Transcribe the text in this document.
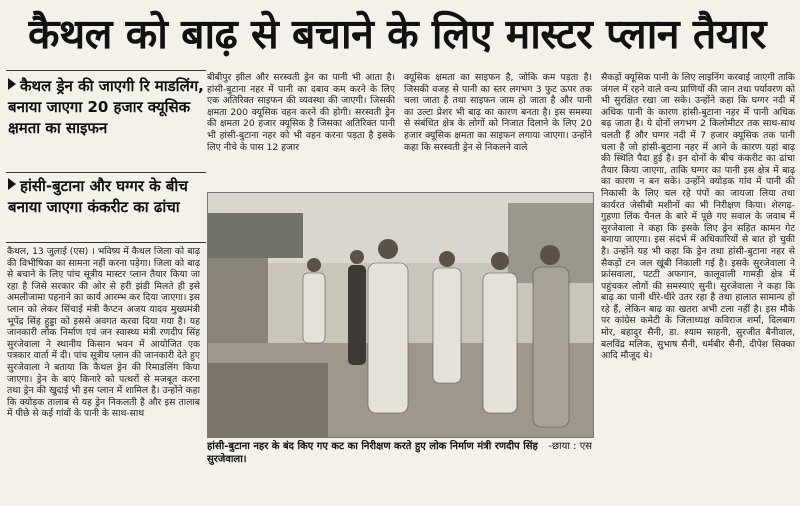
कैथल को बाढ़ से बचाने के लिए मास्टर प्लान तैयार
कैथल ड्रेन की जाएगी रि माडलिंग, बनाया जाएगा 20 हजार क्यूसिक क्षमता का साइफन
हांसी-बुटाना और घग्गर के बीच बनाया जाएगा कंकरीट का ढांचा
कैथल, 13 जुलाई (एस) । भविष्य में कैथल जिला को बाढ़ की विभीषिका का सामना नहीं करना पड़ेगा। जिला को बाढ़ से बचाने के लिए पांच सूत्रीय मास्टर प्लान तैयार किया जा रहा है जिसे सरकार की ओर से हरी झंडी मिलते ही इसे अमलीजामा पहनाने का कार्य आरम्भ कर दिया जाएगा। इस प्लान को लेकर सिंचाई मंत्री कैप्टन अजय यादव मुख्यमंत्री भूपेंद्र सिंह हुड्डा को इससे अवगत करवा दिया गया है। यह जानकारी लोक निर्माण एवं जन स्वास्थ्य मंत्री रणदीप सिंह सुरजेवाला ने स्थानीय किसान भवन में आयोजित एक पत्रकार वार्ता में दी। पांच सूत्रीय प्लान की जानकारी देते हुए सुरजेवाला ने बताया कि कैथल ड्रेन की रिमाडलिंग किया जाएगा। ड्रेन के बाएं किनारे को पत्थरों से मजबूत करना तथा ड्रेन की खुदाई भी इस प्लान में शामिल है। उन्होंने कहा कि क्योड़क तालाब से यह ड्रेन निकलती है और इस तालाब में पीछे से कई गांवों के पानी के साथ-साथ
बीबीपुर झील और सरस्वती ड्रेन का पानी भी आता है। हांसी-बुटाना नहर में पानी का दबाव कम करने के लिए एक अतिरिक्त साइफन की व्यवस्था की जाएगी। जिसकी क्षमता 200 क्यूसिक वहन करने की होगी। सरस्वती ड्रेन की क्षमता 20 हजार क्यूसिक है जिसका अतिरिक्त पानी भी हांसी-बुटाना नहर को भी वहन करना पड़ता है इसके लिए नीचे के पास 12 हजार
क्यूसिक क्षमता का साइफन है, जोकि कम पड़ता है। जिसकी वजह से पानी का स्तर लगभग 3 फुट ऊपर तक चला जाता है तथा साइफन जाम हो जाता है और पानी का उल्टा प्रेशर भी बाढ़ का कारण बनता है। इस समस्या से संबंधित क्षेत्र के लोगों को निजात दिलाने के लिए 20 हजार क्यूसिक क्षमता का साइफन लगाया जाएगा। उन्होंने कहा कि सरस्वती ड्रेन से निकलने वाले
सैकड़ों क्यूसिक पानी के लिए लाइनिंग करवाई जाएगी ताकि जंगल में रहने वाले वन्य प्राणियों की जान तथा पर्यावरण को भी सुरक्षित रखा जा सके। उन्होंने कहा कि घग्गर नदी में अधिक पानी के कारण हांसी-बुटाना नहर में पानी अधिक बढ़ जाता है। ये दोनों लगभग 2 किलोमीटर तक साथ-साथ चलती हैं और घग्गर नदी में 7 हजार क्यूसिक तक पानी चला है जो हांसी-बुटाना नहर में आने के कारण यहां बाढ़ की स्थिति पैदा हुई है। इन दोनों के बीच कंकरीट का ढांचा तैयार किया जाएगा, ताकि घग्गर का पानी इस क्षेत्र में बाढ़ का कारण न बन सके। उन्होंने क्योड़क गांव में पानी की निकासी के लिए चल रहे पंपों का जायजा लिया तथा कार्यरत जेसीबी मशीनों का भी निरीक्षण किया। शेरगढ़-गुहणा लिंक चैनल के बारे में पूछे गए सवाल के जवाब में सुरजेवाला ने कहा कि इसके लिए ड्रेन सहित कामन गेट बनाया जाएगा। इस संदर्भ में अधिकारियों से बात हो चुकी है। उन्होंने यह भी कहा कि ड्रेन तथा हांसी-बुटाना नहर से सैकड़ों टन जल खूंबी निकाली गई है। इसके सुरजेवाला ने फ्रांसवाला, पटटी अफगान, कालूवाली गामड़ी क्षेत्र में पहुंचकर लोगों की समस्याएं सुनी। सुरजेवाला ने कहा कि बाढ़ का पानी धीरे-धीरे उतर रहा है तथा हालात सामान्य हो रहे हैं, लेकिन बाढ़ का खतरा अभी टला नहीं है। इस मौके पर कांग्रेस कमेटी के जिलाध्यक्ष कविराज शर्मा, दिलबाग मोर, बहादुर सैनी, डा. श्याम साहनी, सुरजीत बैनीवाल, बलविंद्र मलिक, सुभाष सैनी, धर्मबीर सैनी, दीपेश सिक्का आदि मौजूद थे।
-छाया : एस
हांसी-बुटाना नहर के बंद किए गए कट का निरीक्षण करते हुए लोक निर्माण मंत्री रणदीप सिंह सुरजेवाला।
